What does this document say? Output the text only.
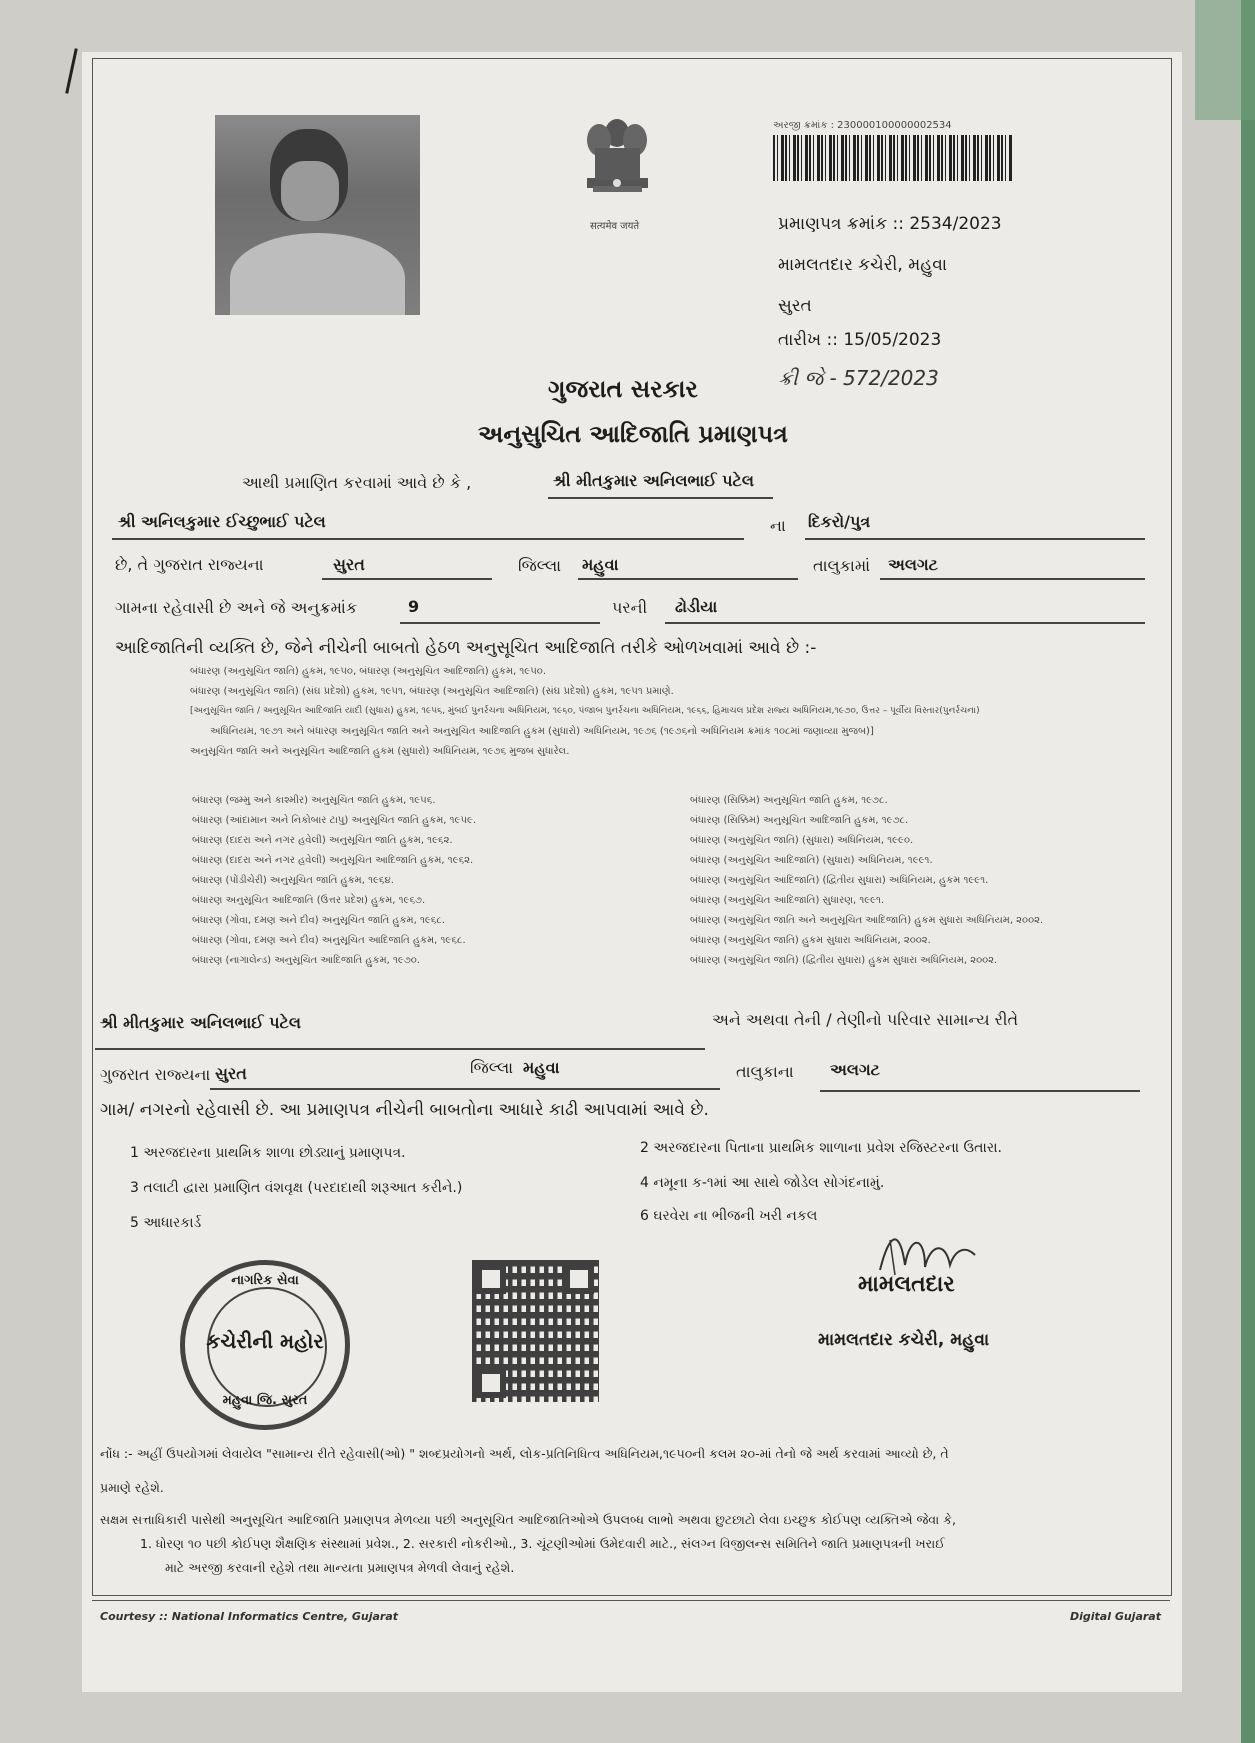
सत्यमेव जयते
અરજી ક્રમાંક : 230000100000002534
પ્રમાણપત્ર ક્રમાંક :: 2534/2023
મામલતદાર કચેરી, મહુવા
સુરત
તારીખ :: 15/05/2023
ક્રી જે - 572/2023
ગુજરાત સરકાર
અનુસુચિત આદિજાતિ પ્રમાણપત્ર
આથી પ્રમાણિત કરવામાં આવે છે કે ,	શ્રી મીતકુમાર અનિલભાઈ પટેલ
શ્રી અનિલકુમાર ઈચ્છુભાઈ પટેલ	ના દિકરો/પુત્ર
છે, તે ગુજરાત રાજ્યના	સુરત	જિલ્લા મહુવા	તાલુકામાં અલગટ
ગામના રહેવાસી છે અને જે અનુક્રમાંક	9	પરની ઢોડીયા
આદિજાતિની વ્યક્તિ છે, જેને નીચેની બાબતો હેઠળ અનુસૂચિત આદિજાતિ તરીકે ઓળખવામાં આવે છે :-
બંધારણ (અનુસૂચિત જાતિ) હુકમ, ૧૯૫૦, બંધારણ (અનુસૂચિત આદિજાતિ) હુકમ, ૧૯૫૦.
બંધારણ (અનુસૂચિત જાતિ) (સંઘ પ્રદેશો) હુકમ, ૧૯૫૧, બંધારણ (અનુસૂચિત આદિજાતિ) (સંઘ પ્રદેશો) હુકમ, ૧૯૫૧ પ્રમાણે.
[અનુસૂચિત જાતિ / અનુસૂચિત આદિજાતિ યાદી (સુધારા) હુકમ, ૧૯૫૬, મુંબઈ પુનર્રચના અધિનિયમ, ૧૯૬૦, પંજાબ પુનર્રચના અધિનિયમ, ૧૯૬૬, હિમાચલ પ્રદેશ રાજ્ય અધિનિયમ,૧૯૭૦, ઉત્તર – પૂર્વીય વિસ્તાર(પુનર્રચના)
અધિનિયમ, ૧૯૭૧ અને બંધારણ અનુસૂચિત જાતિ અને અનુસૂચિત આદિજાતિ હુકમ (સુધારો) અધિનિયમ, ૧૯૭૬ (૧૯૭૬નો અધિનિયમ ક્રમાંક ૧૦૮માં જણાવ્યા મુજબ)]
અનુસૂચિત જાતિ અને અનુસૂચિત આદિજાતિ હુકમ (સુધારો) અધિનિયમ, ૧૯૭૬ મુજબ સુધારેલ.
બંધારણ (જમ્મુ અને કાશ્મીર) અનુસૂચિત જાતિ હુકમ, ૧૯૫૬.
બંધારણ (આંદામાન અને નિકોબાર ટાપુ) અનુસૂચિત જાતિ હુકમ, ૧૯૫૯.
બંધારણ (દાદરા અને નગર હવેલી) અનુસૂચિત જાતિ હુકમ, ૧૯૬૨.
બંધારણ (દાદરા અને નગર હવેલી) અનુસૂચિત આદિજાતિ હુકમ, ૧૯૬૨.
બંધારણ (પોંડીચેરી) અનુસૂચિત જાતિ હુકમ, ૧૯૬૪.
બંધારણ અનુસૂચિત આદિજાતિ (ઉત્તર પ્રદેશ) હુકમ, ૧૯૬૭.
બંધારણ (ગોવા, દમણ અને દીવ) અનુસૂચિત જાતિ હુકમ, ૧૯૬૮.
બંધારણ (ગોવા, દમણ અને દીવ) અનુસૂચિત આદિજાતિ હુકમ, ૧૯૬૮.
બંધારણ (નાગાલેન્ડ) અનુસૂચિત આદિજાતિ હુકમ, ૧૯૭૦.
બંધારણ (સિક્કિમ) અનુસૂચિત જાતિ હુકમ, ૧૯૭૮.
બંધારણ (સિક્કિમ) અનુસૂચિત આદિજાતિ હુકમ, ૧૯૭૮.
બંધારણ (અનુસૂચિત જાતિ) (સુધારા) અધિનિયમ, ૧૯૯૦.
બંધારણ (અનુસૂચિત આદિજાતિ) (સુધારા) અધિનિયમ, ૧૯૯૧.
બંધારણ (અનુસૂચિત આદિજાતિ) (દ્વિતીય સુધારા) અધિનિયમ, હુકમ ૧૯૯૧.
બંધારણ (અનુસૂચિત આદિજાતિ) સુધારણ, ૧૯૯૧.
બંધારણ (અનુસૂચિત જાતિ અને અનુસૂચિત આદિજાતિ) હુકમ સુધારા અધિનિયમ, ૨૦૦૨.
બંધારણ (અનુસૂચિત જાતિ) હુકમ સુધારા અધિનિયમ, ૨૦૦૨.
બંધારણ (અનુસૂચિત જાતિ) (દ્વિતીય સુધારા) હુકમ સુધારા અધિનિયમ, ૨૦૦૨.
શ્રી મીતકુમાર અનિલભાઈ પટેલ	અને અથવા તેની / તેણીનો પરિવાર સામાન્ય રીતે
ગુજરાત રાજ્યના સુરત	જિલ્લા મહુવા	તાલુકાના અલગટ
ગામ/ નગરનો રહેવાસી છે. આ પ્રમાણપત્ર નીચેની બાબતોના આધારે કાઢી આપવામાં આવે છે.
1 અરજદારના પ્રાથમિક શાળા છોડ્યાનું પ્રમાણપત્ર.	2 અરજદારના પિતાના પ્રાથમિક શાળાના પ્રવેશ રજિસ્ટરના ઉતારા.
3 તલાટી દ્વારા પ્રમાણિત વંશવૃક્ષ (પરદાદાથી શરૂઆત કરીને.)	4 નમૂના ક-૧માં આ સાથે જોડેલ સોગંદનામું.
5 આધારકાર્ડ	6 ઘરવેરા ના ભીજની ખરી નકલ
નાગરિક સેવા
કચેરીની મહોર
મહુવા જિ. સુરત
મામલતદાર
મામલતદાર કચેરી, મહુવા
નોંધ :- અહીં ઉપયોગમાં લેવાયેલ "સામાન્ય રીતે રહેવાસી(ઓ) " શબ્દપ્રયોગનો અર્થ, લોક-પ્રતિનિધિત્વ અધિનિયમ,૧૯૫૦ની કલમ ૨૦-માં તેનો જે અર્થ કરવામાં આવ્યો છે, તે
પ્રમાણે રહેશે.
સક્ષમ સત્તાધિકારી પાસેથી અનુસૂચિત આદિજાતિ પ્રમાણપત્ર મેળવ્યા પછી અનુસૂચિત આદિજાતિઓએ ઉપલબ્ધ લાભો અથવા છુટછાટો લેવા ઇચ્છુક કોઈપણ વ્યક્તિએ જેવા કે,
1. ધોરણ ૧૦ પછી કોઈપણ શૈક્ષણિક સંસ્થામાં પ્રવેશ., 2. સરકારી નોકરીઓ., 3. ચૂંટણીઓમાં ઉમેદવારી માટે., સંલગ્ન વિજીલન્સ સમિતિને જાતિ પ્રમાણપત્રની ખરાઈ
માટે અરજી કરવાની રહેશે તથા માન્યતા પ્રમાણપત્ર મેળવી લેવાનું રહેશે.
Courtesy :: National Informatics Centre, Gujarat	Digital Gujarat
